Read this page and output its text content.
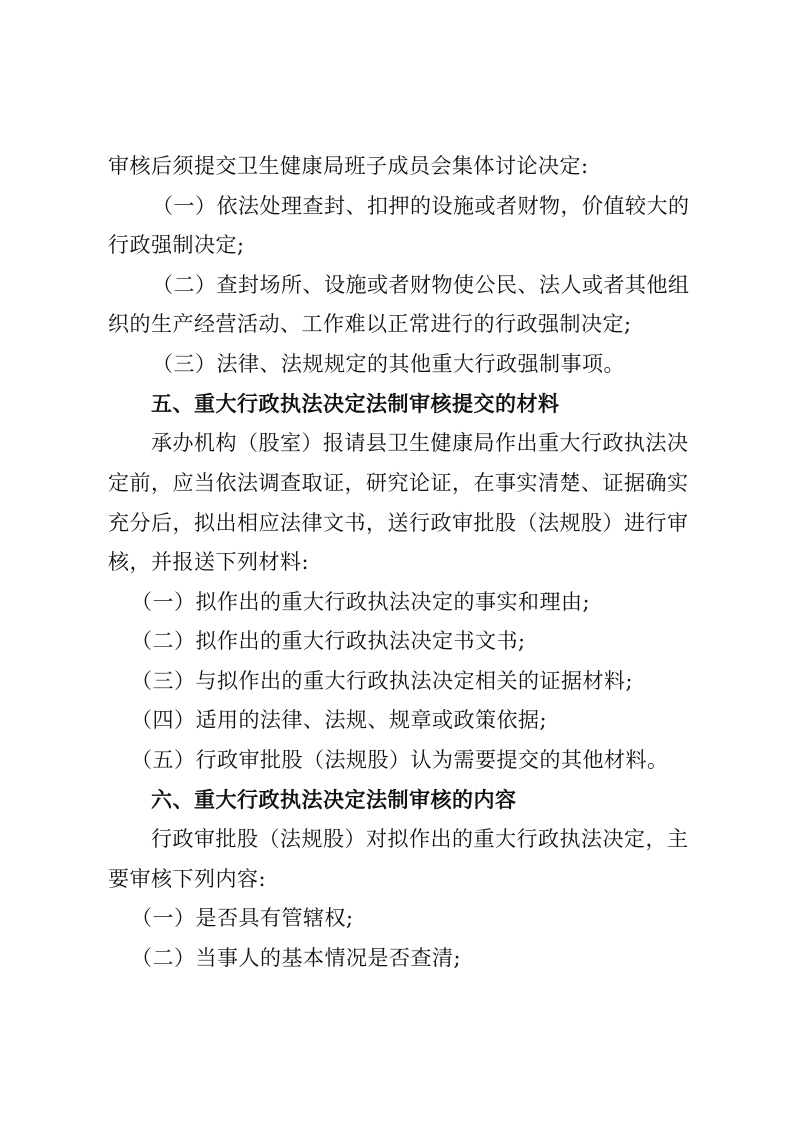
审核后须提交卫生健康局班子成员会集体讨论决定:
（一）依法处理查封、扣押的设施或者财物，价值较大的
行政强制决定;
（二）查封场所、设施或者财物使公民、法人或者其他组
织的生产经营活动、工作难以正常进行的行政强制决定;
（三）法律、法规规定的其他重大行政强制事项。
五、重大行政执法决定法制审核提交的材料
承办机构（股室）报请县卫生健康局作出重大行政执法决
定前，应当依法调查取证，研究论证，在事实清楚、证据确实
充分后，拟出相应法律文书，送行政审批股（法规股）进行审
核，并报送下列材料:
（一）拟作出的重大行政执法决定的事实和理由;
（二）拟作出的重大行政执法决定书文书;
（三）与拟作出的重大行政执法决定相关的证据材料;
（四）适用的法律、法规、规章或政策依据;
（五）行政审批股（法规股）认为需要提交的其他材料。
六、重大行政执法决定法制审核的内容
行政审批股（法规股）对拟作出的重大行政执法决定，主
要审核下列内容:
（一）是否具有管辖权;
（二）当事人的基本情况是否查清;
